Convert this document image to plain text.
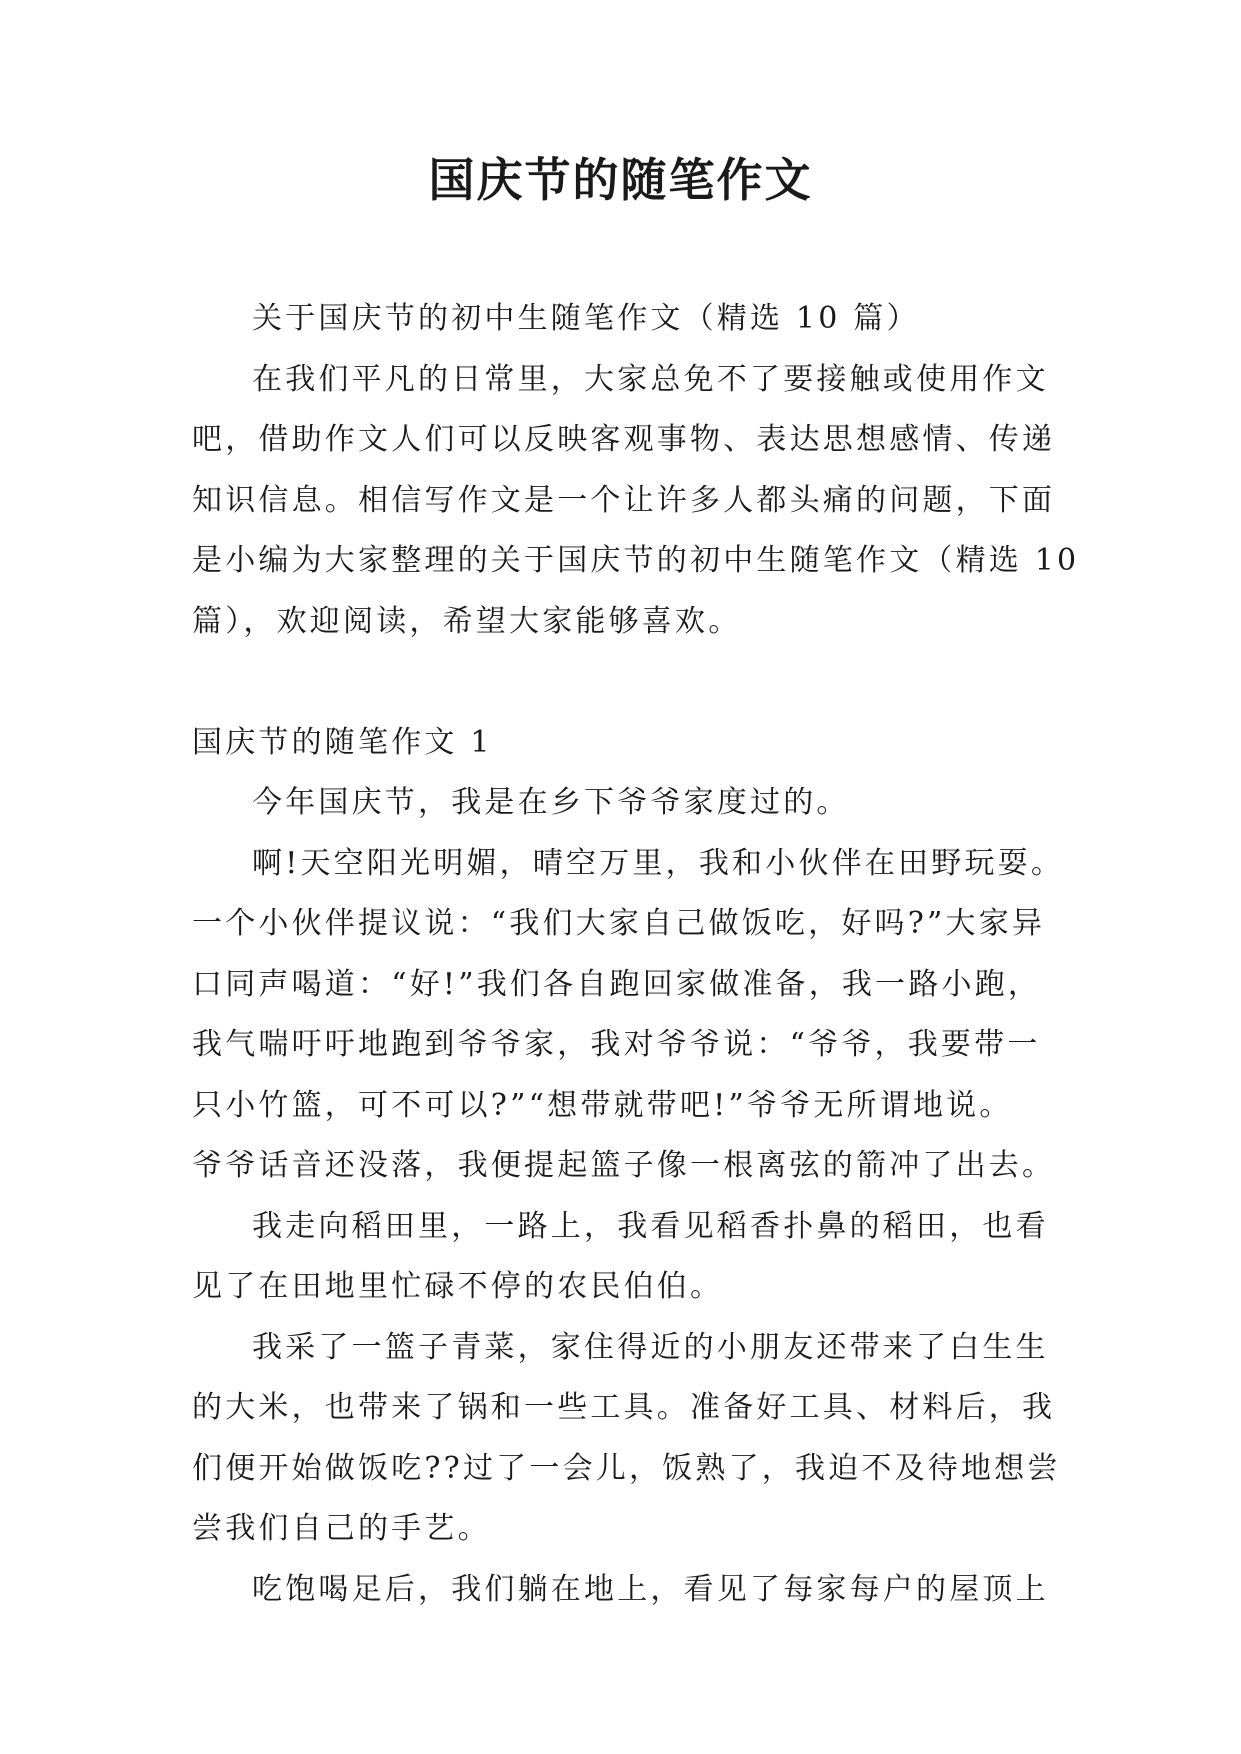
国庆节的随笔作文

关于国庆节的初中生随笔作文（精选 10 篇）

在我们平凡的日常里，大家总免不了要接触或使用作文
吧，借助作文人们可以反映客观事物、表达思想感情、传递
知识信息。相信写作文是一个让许多人都头痛的问题，下面
是小编为大家整理的关于国庆节的初中生随笔作文（精选 10
篇），欢迎阅读，希望大家能够喜欢。

国庆节的随笔作文 1

今年国庆节，我是在乡下爷爷家度过的。

啊!天空阳光明媚，晴空万里，我和小伙伴在田野玩耍。
一个小伙伴提议说：“我们大家自己做饭吃，好吗?”大家异
口同声喝道：“好!”我们各自跑回家做准备，我一路小跑，
我气喘吁吁地跑到爷爷家，我对爷爷说：“爷爷，我要带一
只小竹篮，可不可以?”“想带就带吧!”爷爷无所谓地说。
爷爷话音还没落，我便提起篮子像一根离弦的箭冲了出去。

我走向稻田里，一路上，我看见稻香扑鼻的稻田，也看
见了在田地里忙碌不停的农民伯伯。

我采了一篮子青菜，家住得近的小朋友还带来了白生生
的大米，也带来了锅和一些工具。准备好工具、材料后，我
们便开始做饭吃??过了一会儿，饭熟了，我迫不及待地想尝
尝我们自己的手艺。

吃饱喝足后，我们躺在地上，看见了每家每户的屋顶上
